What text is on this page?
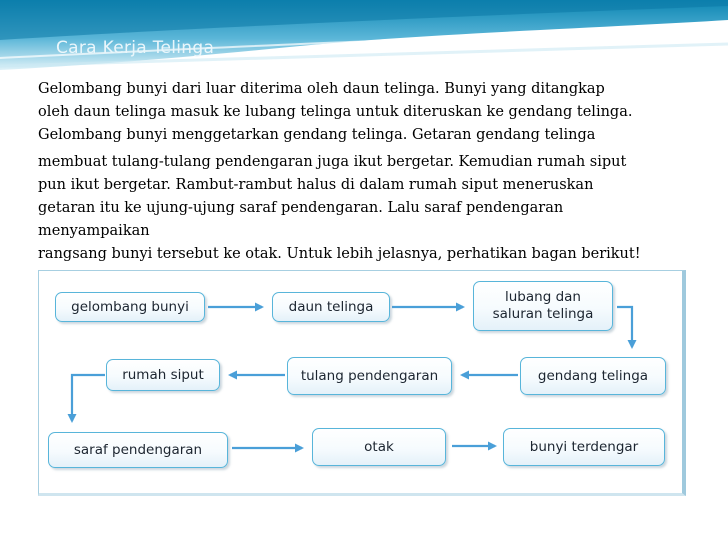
Cara Kerja Telinga
Gelombang bunyi dari luar diterima oleh daun telinga. Bunyi yang ditangkap
oleh daun telinga masuk ke lubang telinga untuk diteruskan ke gendang telinga.
Gelombang bunyi menggetarkan gendang telinga. Getaran gendang telinga
membuat tulang-tulang pendengaran juga ikut bergetar. Kemudian rumah siput
pun ikut bergetar. Rambut-rambut halus di dalam rumah siput meneruskan
getaran itu ke ujung-ujung saraf pendengaran. Lalu saraf pendengaran
menyampaikan
rangsang bunyi tersebut ke otak. Untuk lebih jelasnya, perhatikan bagan berikut!
gelombang bunyi	daun telinga
lubang dan
saluran telinga
gendang telinga
tulang pendengaran
rumah siput
saraf pendengaran	otak	bunyi terdengar
